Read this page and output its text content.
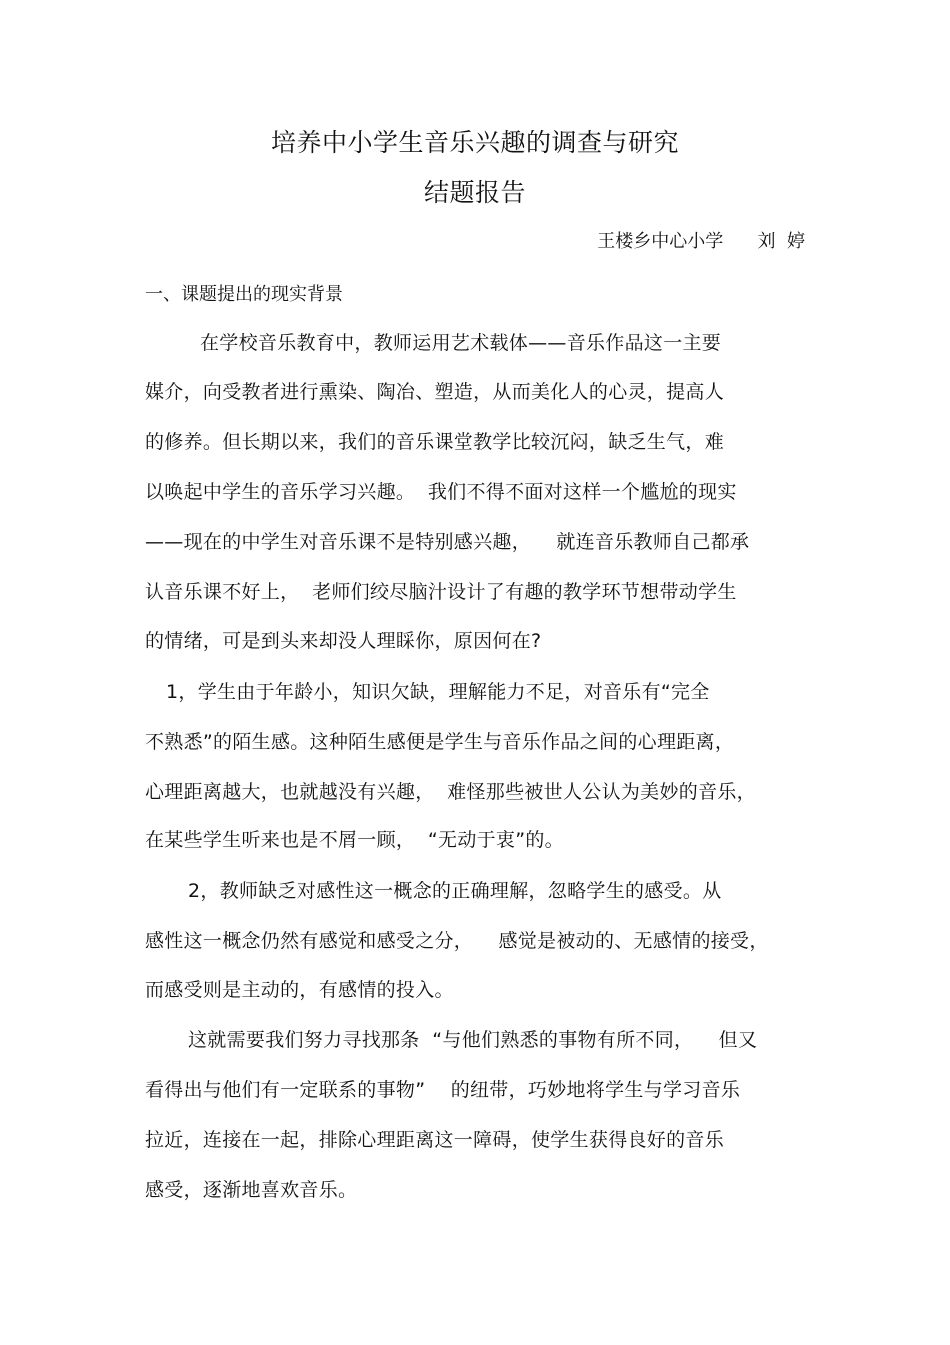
培养中小学生音乐兴趣的调查与研究
结题报告
王楼乡中心小学      刘  婷
一、课题提出的现实背景
在学校音乐教育中，教师运用艺术载体——音乐作品这一主要
媒介，向受教者进行熏染、陶冶、塑造，从而美化人的心灵，提高人
的修养。但长期以来，我们的音乐课堂教学比较沉闷，缺乏生气，难
以唤起中学生的音乐学习兴趣。  我们不得不面对这样一个尴尬的现实
——现在的中学生对音乐课不是特别感兴趣，    就连音乐教师自己都承
认音乐课不好上，  老师们绞尽脑汁设计了有趣的教学环节想带动学生
的情绪，可是到头来却没人理睬你，原因何在?
1，学生由于年龄小，知识欠缺，理解能力不足，对音乐有“完全
不熟悉”的陌生感。这种陌生感便是学生与音乐作品之间的心理距离，
心理距离越大，也就越没有兴趣，  难怪那些被世人公认为美妙的音乐，
在某些学生听来也是不屑一顾，  “无动于衷”的。
2，教师缺乏对感性这一概念的正确理解，忽略学生的感受。从
感性这一概念仍然有感觉和感受之分，    感觉是被动的、无感情的接受，
而感受则是主动的，有感情的投入。
这就需要我们努力寻找那条  “与他们熟悉的事物有所不同，    但又
看得出与他们有一定联系的事物”    的纽带，巧妙地将学生与学习音乐
拉近，连接在一起，排除心理距离这一障碍，使学生获得良好的音乐
感受，逐渐地喜欢音乐。
